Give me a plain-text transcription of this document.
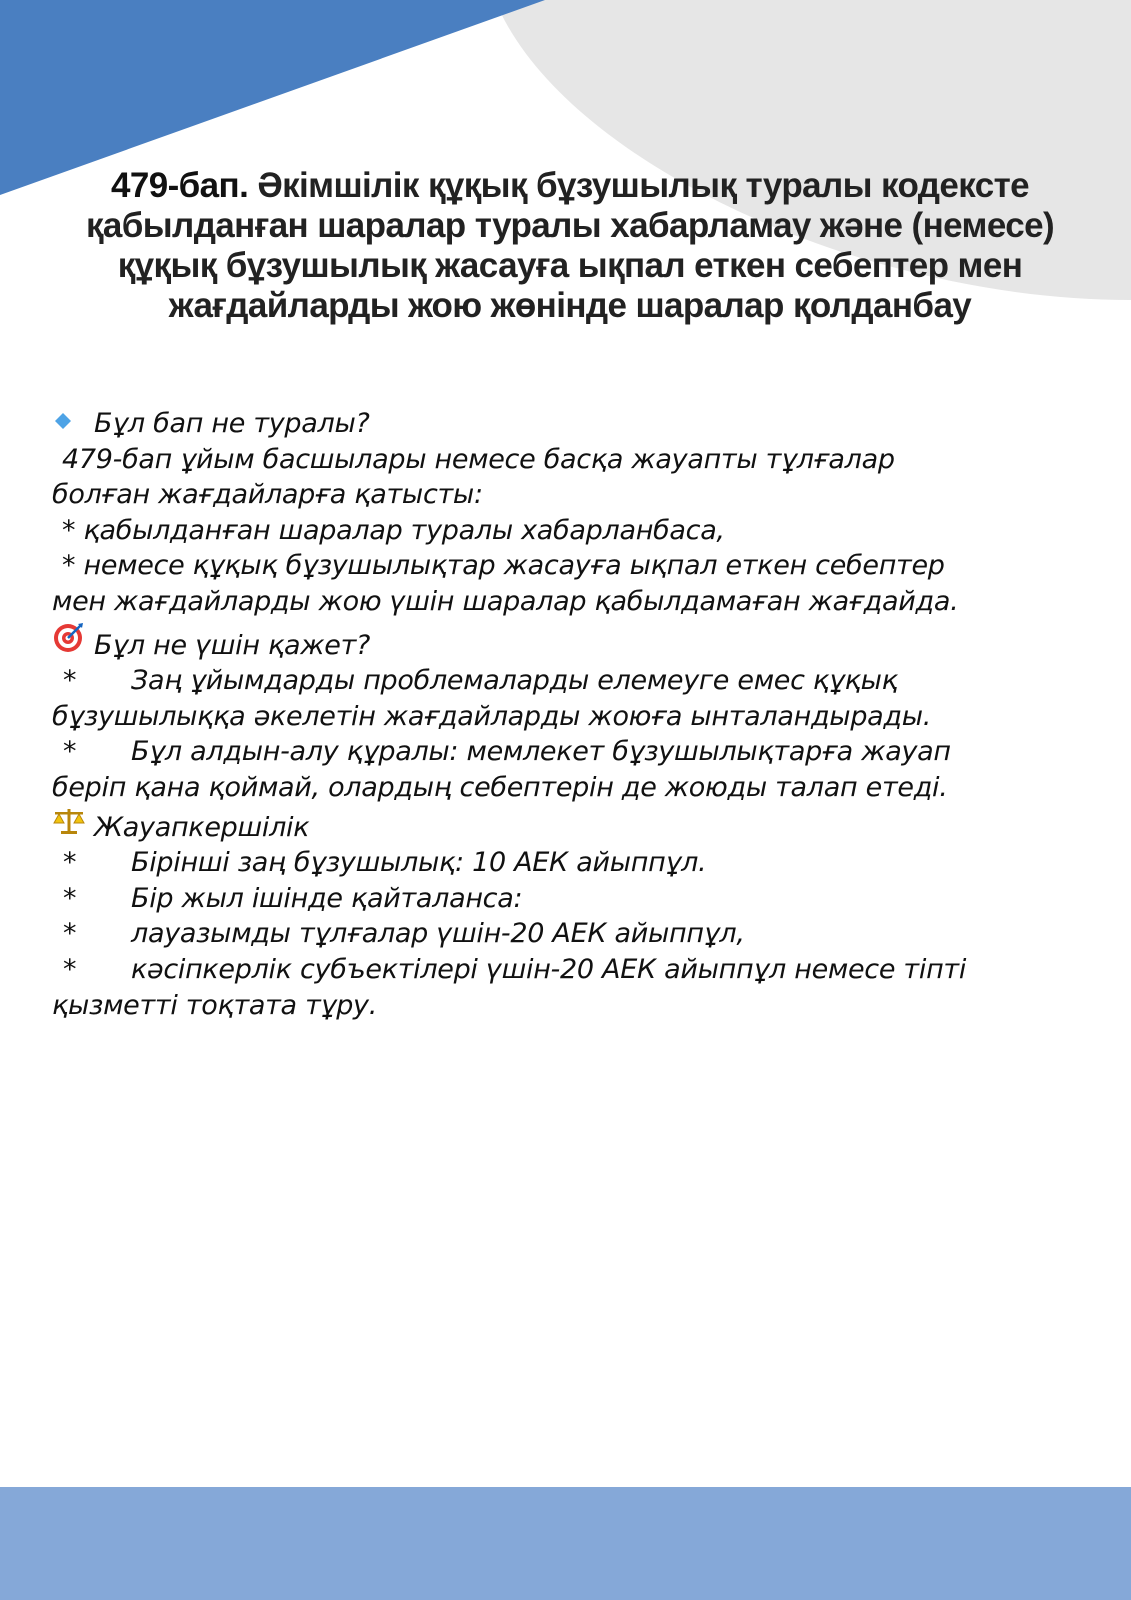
479-бап. Әкімшілік құқық бұзушылық туралы кодексте қабылданған шаралар туралы хабарламау және (немесе) құқық бұзушылық жасауға ықпал еткен себептер мен жағдайларды жою жөнінде шаралар қолданбау
Бұл бап не туралы?
479-бап ұйым басшылары немесе басқа жауапты тұлғалар
болған жағдайларға қатысты:
* қабылданған шаралар туралы хабарланбаса,
* немесе құқық бұзушылықтар жасауға ықпал еткен себептер
мен жағдайларды жою үшін шаралар қабылдамаған жағдайда.
Бұл не үшін қажет?
* Заң ұйымдарды проблемаларды елемеуге емес құқық
бұзушылыққа әкелетін жағдайларды жоюға ынталандырады.
* Бұл алдын-алу құралы: мемлекет бұзушылықтарға жауап
беріп қана қоймай, олардың себептерін де жоюды талап етеді.
Жауапкершілік
* Бірінші заң бұзушылық: 10 АЕК айыппұл.
* Бір жыл ішінде қайталанса:
* лауазымды тұлғалар үшін-20 АЕК айыппұл,
* кәсіпкерлік субъектілері үшін-20 АЕК айыппұл немесе тіпті
қызметті тоқтата тұру.
